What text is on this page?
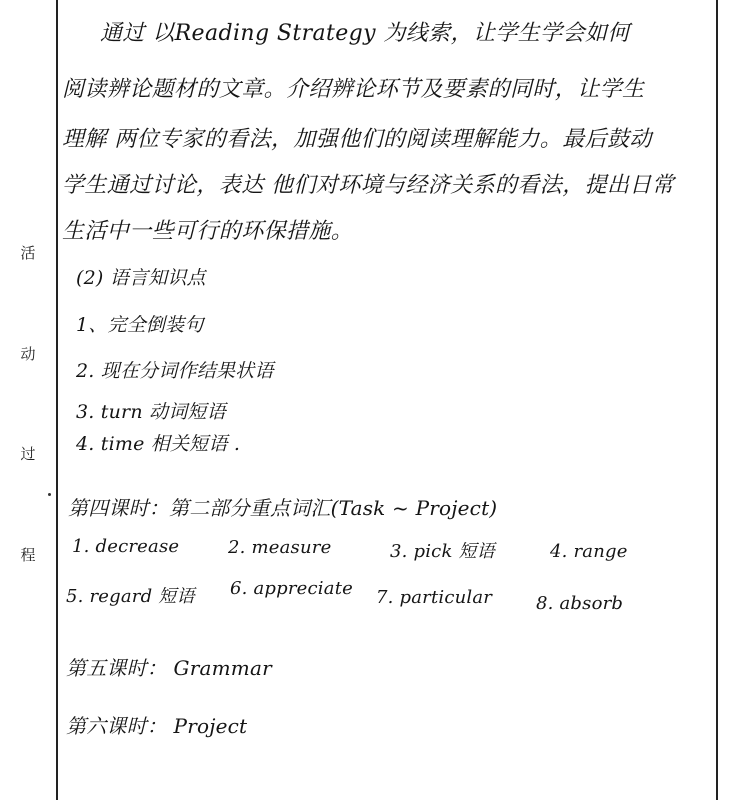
活
动
过
程
通过 以Reading Strategy 为线索，让学生学会如何
阅读辨论题材的文章。介绍辨论环节及要素的同时，让学生
理解 两位专家的看法，加强他们的阅读理解能力。最后鼓动
学生通过讨论，表达 他们对环境与经济关系的看法，提出日常
生活中一些可行的环保措施。
(2) 语言知识点
1、完全倒装句
2. 现在分词作结果状语
3. turn 动词短语
4. time 相关短语 .
第四课时：第二部分重点词汇(Task ~ Project)
1. decrease	2. measure	3. pick 短语	4. range
5. regard 短语 6. appreciate 7. particular 8. absorb
第五课时： Grammar
第六课时： Project
